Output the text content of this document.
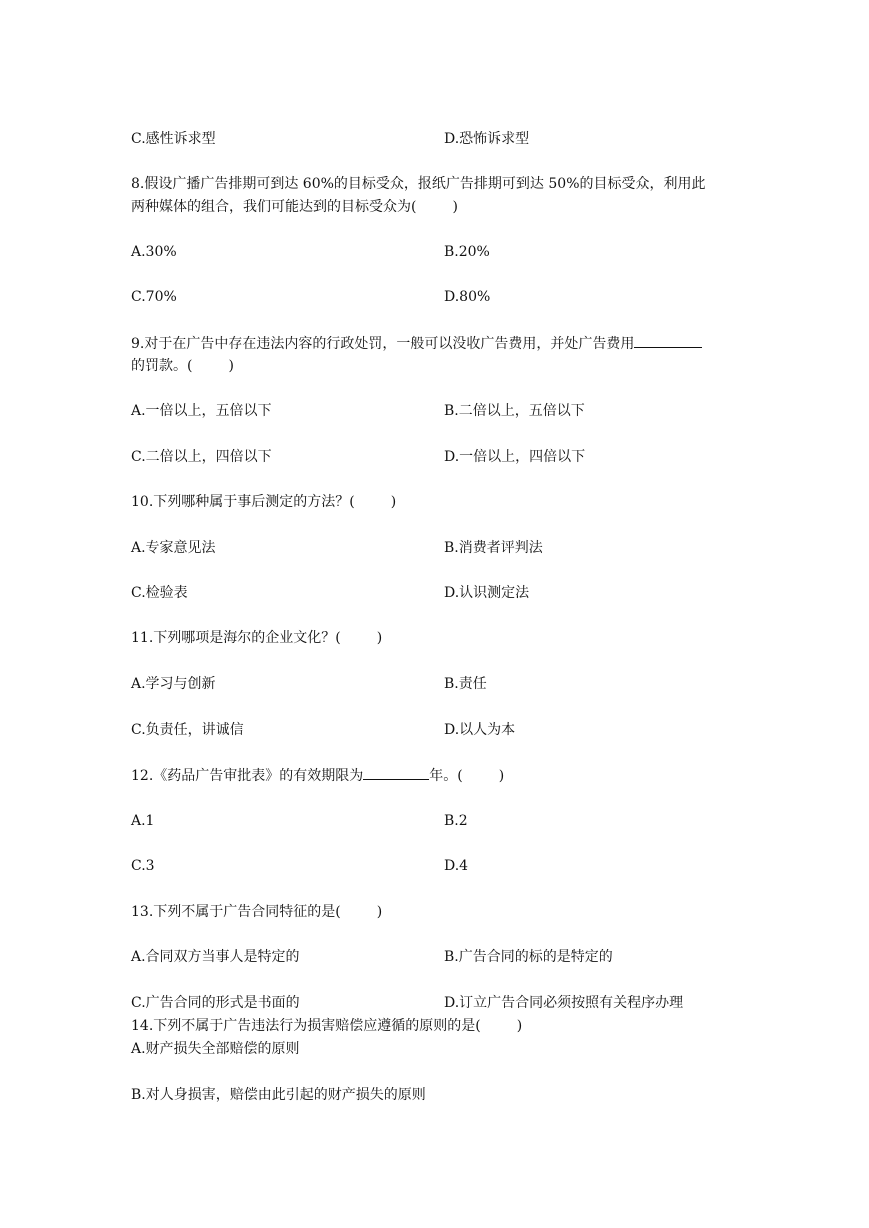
C.感性诉求型	D.恐怖诉求型
8.假设广播广告排期可到达 60%的目标受众，报纸广告排期可到达 50%的目标受众，利用此
两种媒体的组合，我们可能达到的目标受众为(	)
A.30%	B.20%
C.70%	D.80%
9.对于在广告中存在违法内容的行政处罚，一般可以没收广告费用，并处广告费用
的罚款。(	)
A.一倍以上，五倍以下	B.二倍以上，五倍以下
C.二倍以上，四倍以下	D.一倍以上，四倍以下
10.下列哪种属于事后测定的方法？(	)
A.专家意见法	B.消费者评判法
C.检验表	D.认识测定法
11.下列哪项是海尔的企业文化？(	)
A.学习与创新	B.责任
C.负责任，讲诚信	D.以人为本
12.《药品广告审批表》的有效期限为	年。(	)
A.1	B.2
C.3	D.4
13.下列不属于广告合同特征的是(	)
A.合同双方当事人是特定的	B.广告合同的标的是特定的
C.广告合同的形式是书面的	D.订立广告合同必须按照有关程序办理
14.下列不属于广告违法行为损害赔偿应遵循的原则的是(	)
A.财产损失全部赔偿的原则
B.对人身损害，赔偿由此引起的财产损失的原则
